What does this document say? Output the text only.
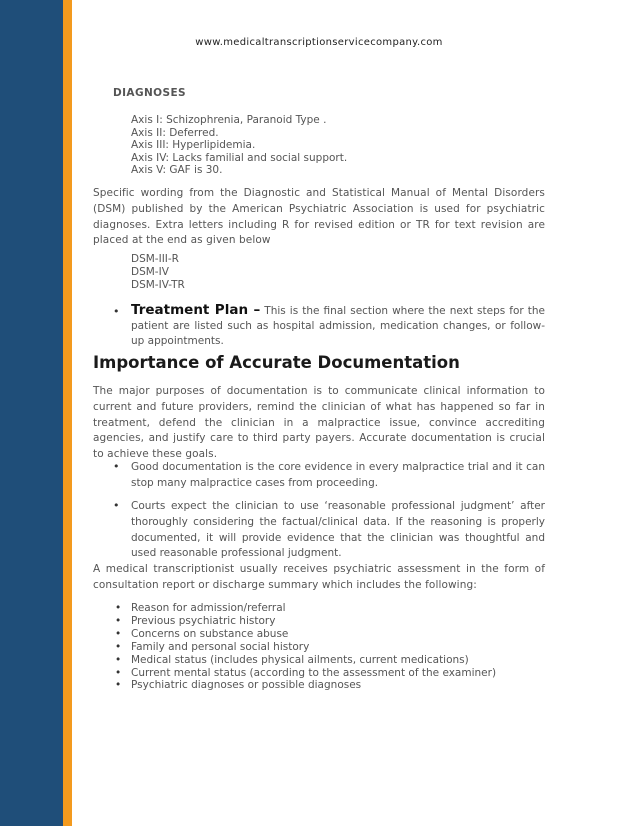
www.medicaltranscriptionservicecompany.com
DIAGNOSES
Axis I: Schizophrenia, Paranoid Type .
Axis II: Deferred.
Axis III: Hyperlipidemia.
Axis IV: Lacks familial and social support.
Axis V: GAF is 30.
Specific wording from the Diagnostic and Statistical Manual of Mental Disorders (DSM) published by the American Psychiatric Association is used for psychiatric diagnoses. Extra letters including R for revised edition or TR for text revision are placed at the end as given below
DSM-III-R
DSM-IV
DSM-IV-TR
• Treatment Plan – This is the final section where the next steps for the patient are listed such as hospital admission, medication changes, or follow-up appointments.
Importance of Accurate Documentation
The major purposes of documentation is to communicate clinical information to current and future providers, remind the clinician of what has happened so far in treatment, defend the clinician in a malpractice issue, convince accrediting agencies, and justify care to third party payers. Accurate documentation is crucial to achieve these goals.
• Good documentation is the core evidence in every malpractice trial and it can stop many malpractice cases from proceeding.
• Courts expect the clinician to use ‘reasonable professional judgment’ after thoroughly considering the factual/clinical data. If the reasoning is properly documented, it will provide evidence that the clinician was thoughtful and used reasonable professional judgment.
A medical transcriptionist usually receives psychiatric assessment in the form of consultation report or discharge summary which includes the following:
• Reason for admission/referral
• Previous psychiatric history
• Concerns on substance abuse
• Family and personal social history
• Medical status (includes physical ailments, current medications)
• Current mental status (according to the assessment of the examiner)
• Psychiatric diagnoses or possible diagnoses
